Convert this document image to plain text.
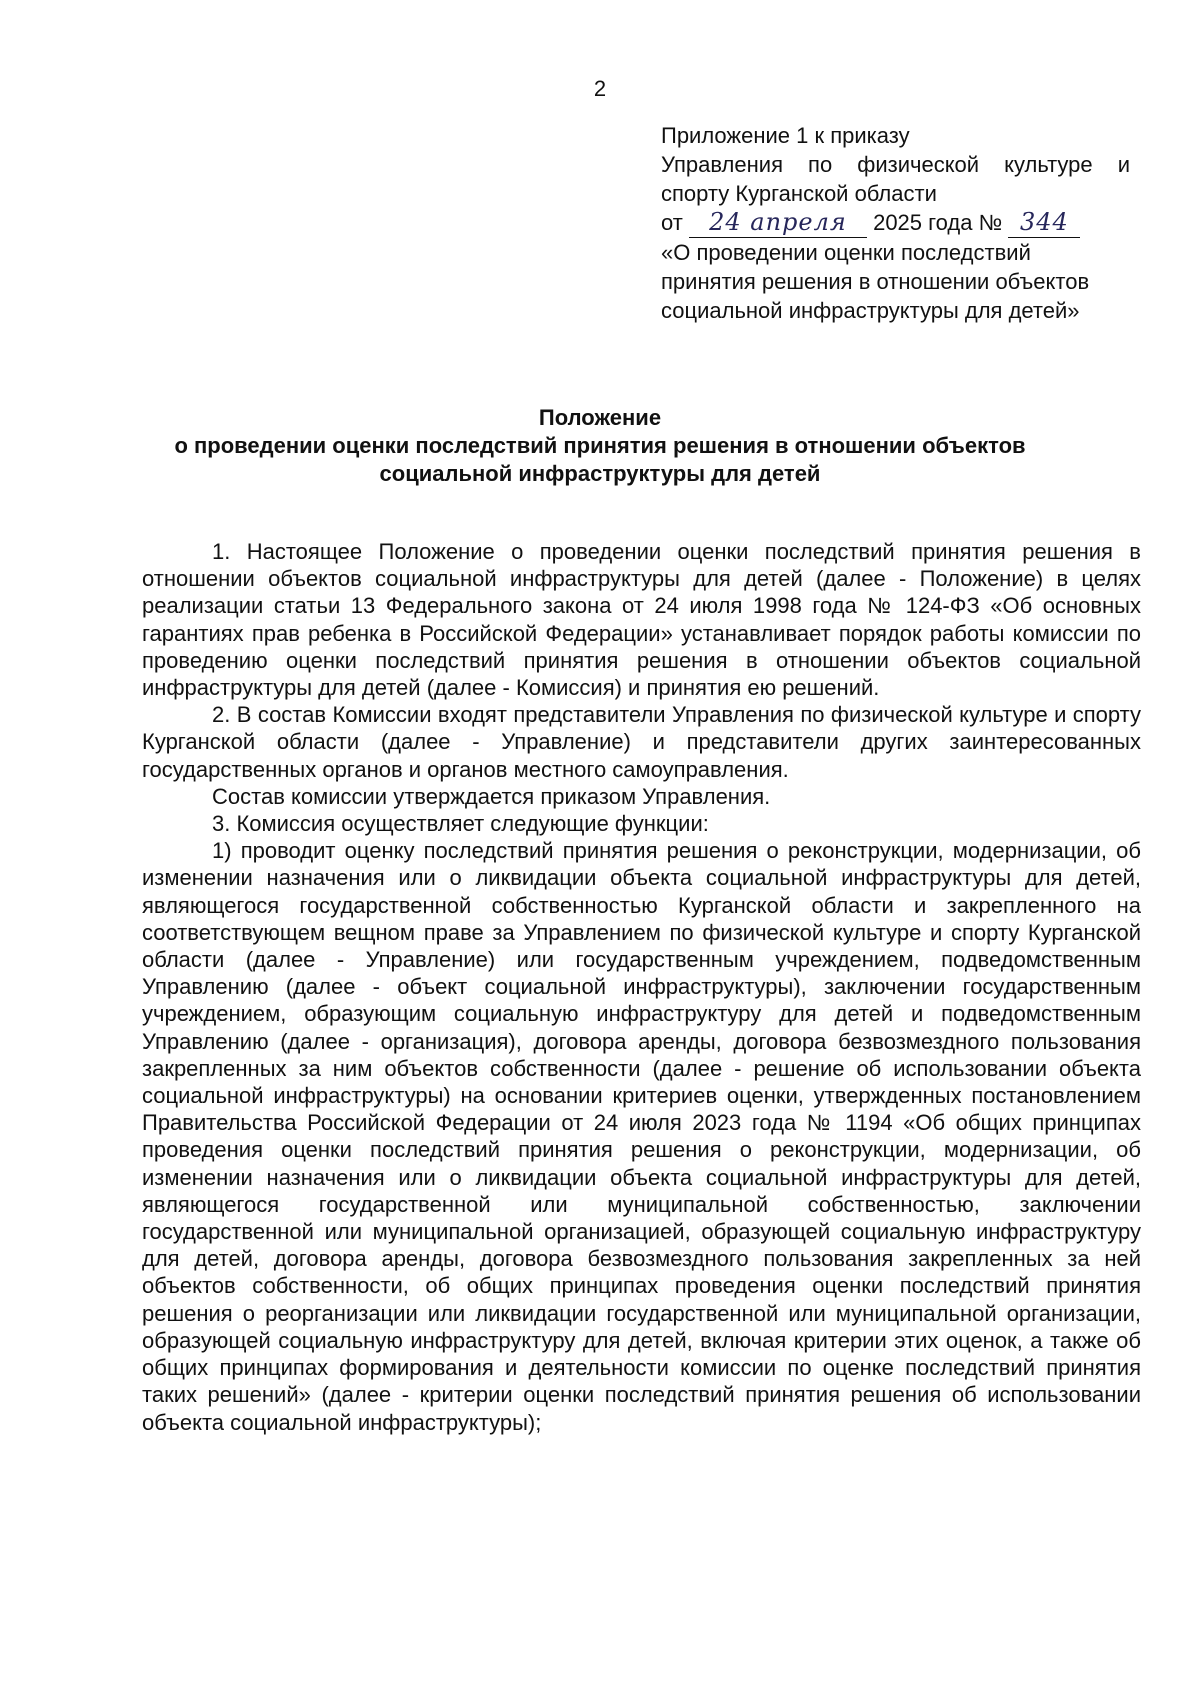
2
Приложение 1 к приказу
Управления по физической культуре и
спорту Курганской области
от 24 апреля 2025 года № 344
«О проведении оценки последствий
принятия решения в отношении объектов
социальной инфраструктуры для детей»
Положение
о проведении оценки последствий принятия решения в отношении объектов
социальной инфраструктуры для детей

1. Настоящее Положение о проведении оценки последствий принятия решения в отношении объектов социальной инфраструктуры для детей (далее - Положение) в целях реализации статьи 13 Федерального закона от 24 июля 1998 года № 124-ФЗ «Об основных гарантиях прав ребенка в Российской Федерации» устанавливает порядок работы комиссии по проведению оценки последствий принятия решения в отношении объектов социальной инфраструктуры для детей (далее - Комиссия) и принятия ею решений.

2. В состав Комиссии входят представители Управления по физической культуре и спорту Курганской области (далее - Управление) и представители других заинтересованных государственных органов и органов местного самоуправления.

Состав комиссии утверждается приказом Управления.

3. Комиссия осуществляет следующие функции:

1) проводит оценку последствий принятия решения о реконструкции, модернизации, об изменении назначения или о ликвидации объекта социальной инфраструктуры для детей, являющегося государственной собственностью Курганской области и закрепленного на соответствующем вещном праве за Управлением по физической культуре и спорту Курганской области (далее - Управление) или государственным учреждением, подведомственным Управлению (далее - объект социальной инфраструктуры), заключении государственным учреждением, образующим социальную инфраструктуру для детей и подведомственным Управлению (далее - организация), договора аренды, договора безвозмездного пользования закрепленных за ним объектов собственности (далее - решение об использовании объекта социальной инфраструктуры) на основании критериев оценки, утвержденных постановлением Правительства Российской Федерации от 24 июля 2023 года № 1194 «Об общих принципах проведения оценки последствий принятия решения о реконструкции, модернизации, об изменении назначения или о ликвидации объекта социальной инфраструктуры для детей, являющегося государственной или муниципальной собственностью, заключении государственной или муниципальной организацией, образующей социальную инфраструктуру для детей, договора аренды, договора безвозмездного пользования закрепленных за ней объектов собственности, об общих принципах проведения оценки последствий принятия решения о реорганизации или ликвидации государственной или муниципальной организации, образующей социальную инфраструктуру для детей, включая критерии этих оценок, а также об общих принципах формирования и деятельности комиссии по оценке последствий принятия таких решений» (далее - критерии оценки последствий принятия решения об использовании объекта социальной инфраструктуры);
